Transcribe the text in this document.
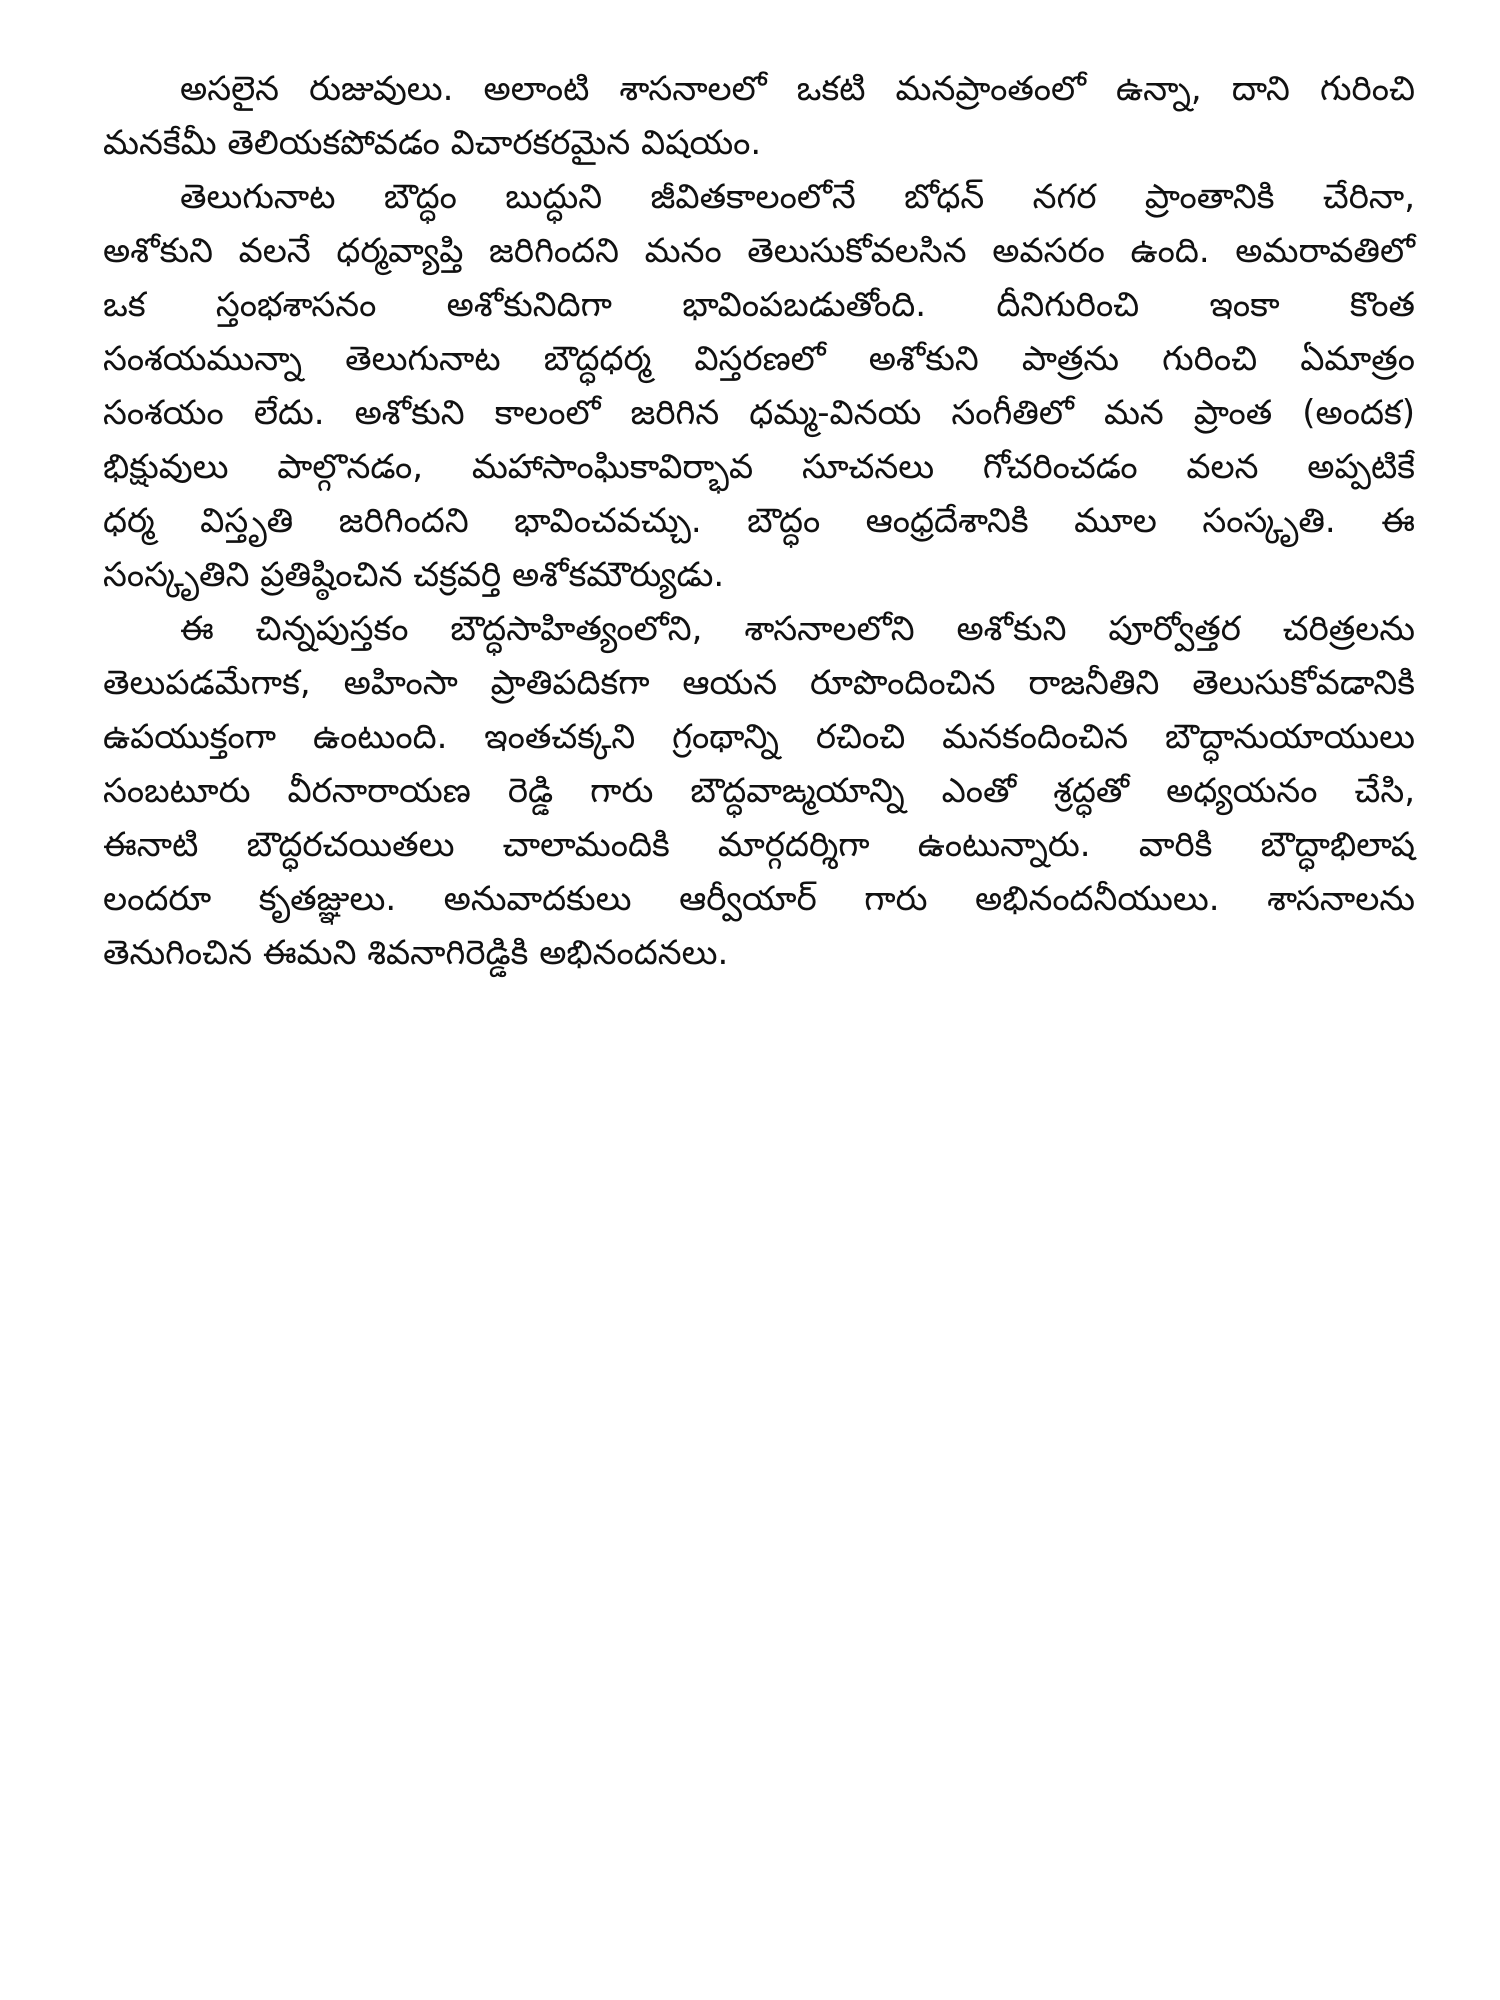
అసలైన రుజువులు. అలాంటి శాసనాలలో ఒకటి మనప్రాంతంలో ఉన్నా, దాని గురించి
మనకేమీ తెలియకపోవడం విచారకరమైన విషయం.

తెలుగునాట బౌద్ధం బుద్ధుని జీవితకాలంలోనే బోధన్ నగర ప్రాంతానికి చేరినా,
అశోకుని వలనే ధర్మవ్యాప్తి జరిగిందని మనం తెలుసుకోవలసిన అవసరం ఉంది. అమరావతిలో
ఒక స్తంభశాసనం అశోకునిదిగా భావింపబడుతోంది. దీనిగురించి ఇంకా కొంత
సంశయమున్నా తెలుగునాట బౌద్ధధర్మ విస్తరణలో అశోకుని పాత్రను గురించి ఏమాత్రం
సంశయం లేదు. అశోకుని కాలంలో జరిగిన ధమ్మ-వినయ సంగీతిలో మన ప్రాంత (అందక)
భిక్షువులు పాల్గొనడం, మహాసాంఘికావిర్భావ సూచనలు గోచరించడం వలన అప్పటికే
ధర్మ విస్తృతి జరిగిందని భావించవచ్చు. బౌద్ధం ఆంధ్రదేశానికి మూల సంస్కృతి. ఈ
సంస్కృతిని ప్రతిష్ఠించిన చక్రవర్తి అశోకమౌర్యుడు.

ఈ చిన్నపుస్తకం బౌద్ధసాహిత్యంలోని, శాసనాలలోని అశోకుని పూర్వోత్తర చరిత్రలను
తెలుపడమేగాక, అహింసా ప్రాతిపదికగా ఆయన రూపొందించిన రాజనీతిని తెలుసుకోవడానికి
ఉపయుక్తంగా ఉంటుంది. ఇంతచక్కని గ్రంథాన్ని రచించి మనకందించిన బౌద్ధానుయాయులు
సంబటూరు వీరనారాయణ రెడ్డి గారు బౌద్ధవాఙ్మయాన్ని ఎంతో శ్రద్ధతో అధ్యయనం చేసి,
ఈనాటి బౌద్ధరచయితలు చాలామందికి మార్గదర్శిగా ఉంటున్నారు. వారికి బౌద్ధాభిలాష
లందరూ కృతజ్ఞులు. అనువాదకులు ఆర్వీయార్ గారు అభినందనీయులు. శాసనాలను
తెనుగించిన ఈమని శివనాగిరెడ్డికి అభినందనలు.
